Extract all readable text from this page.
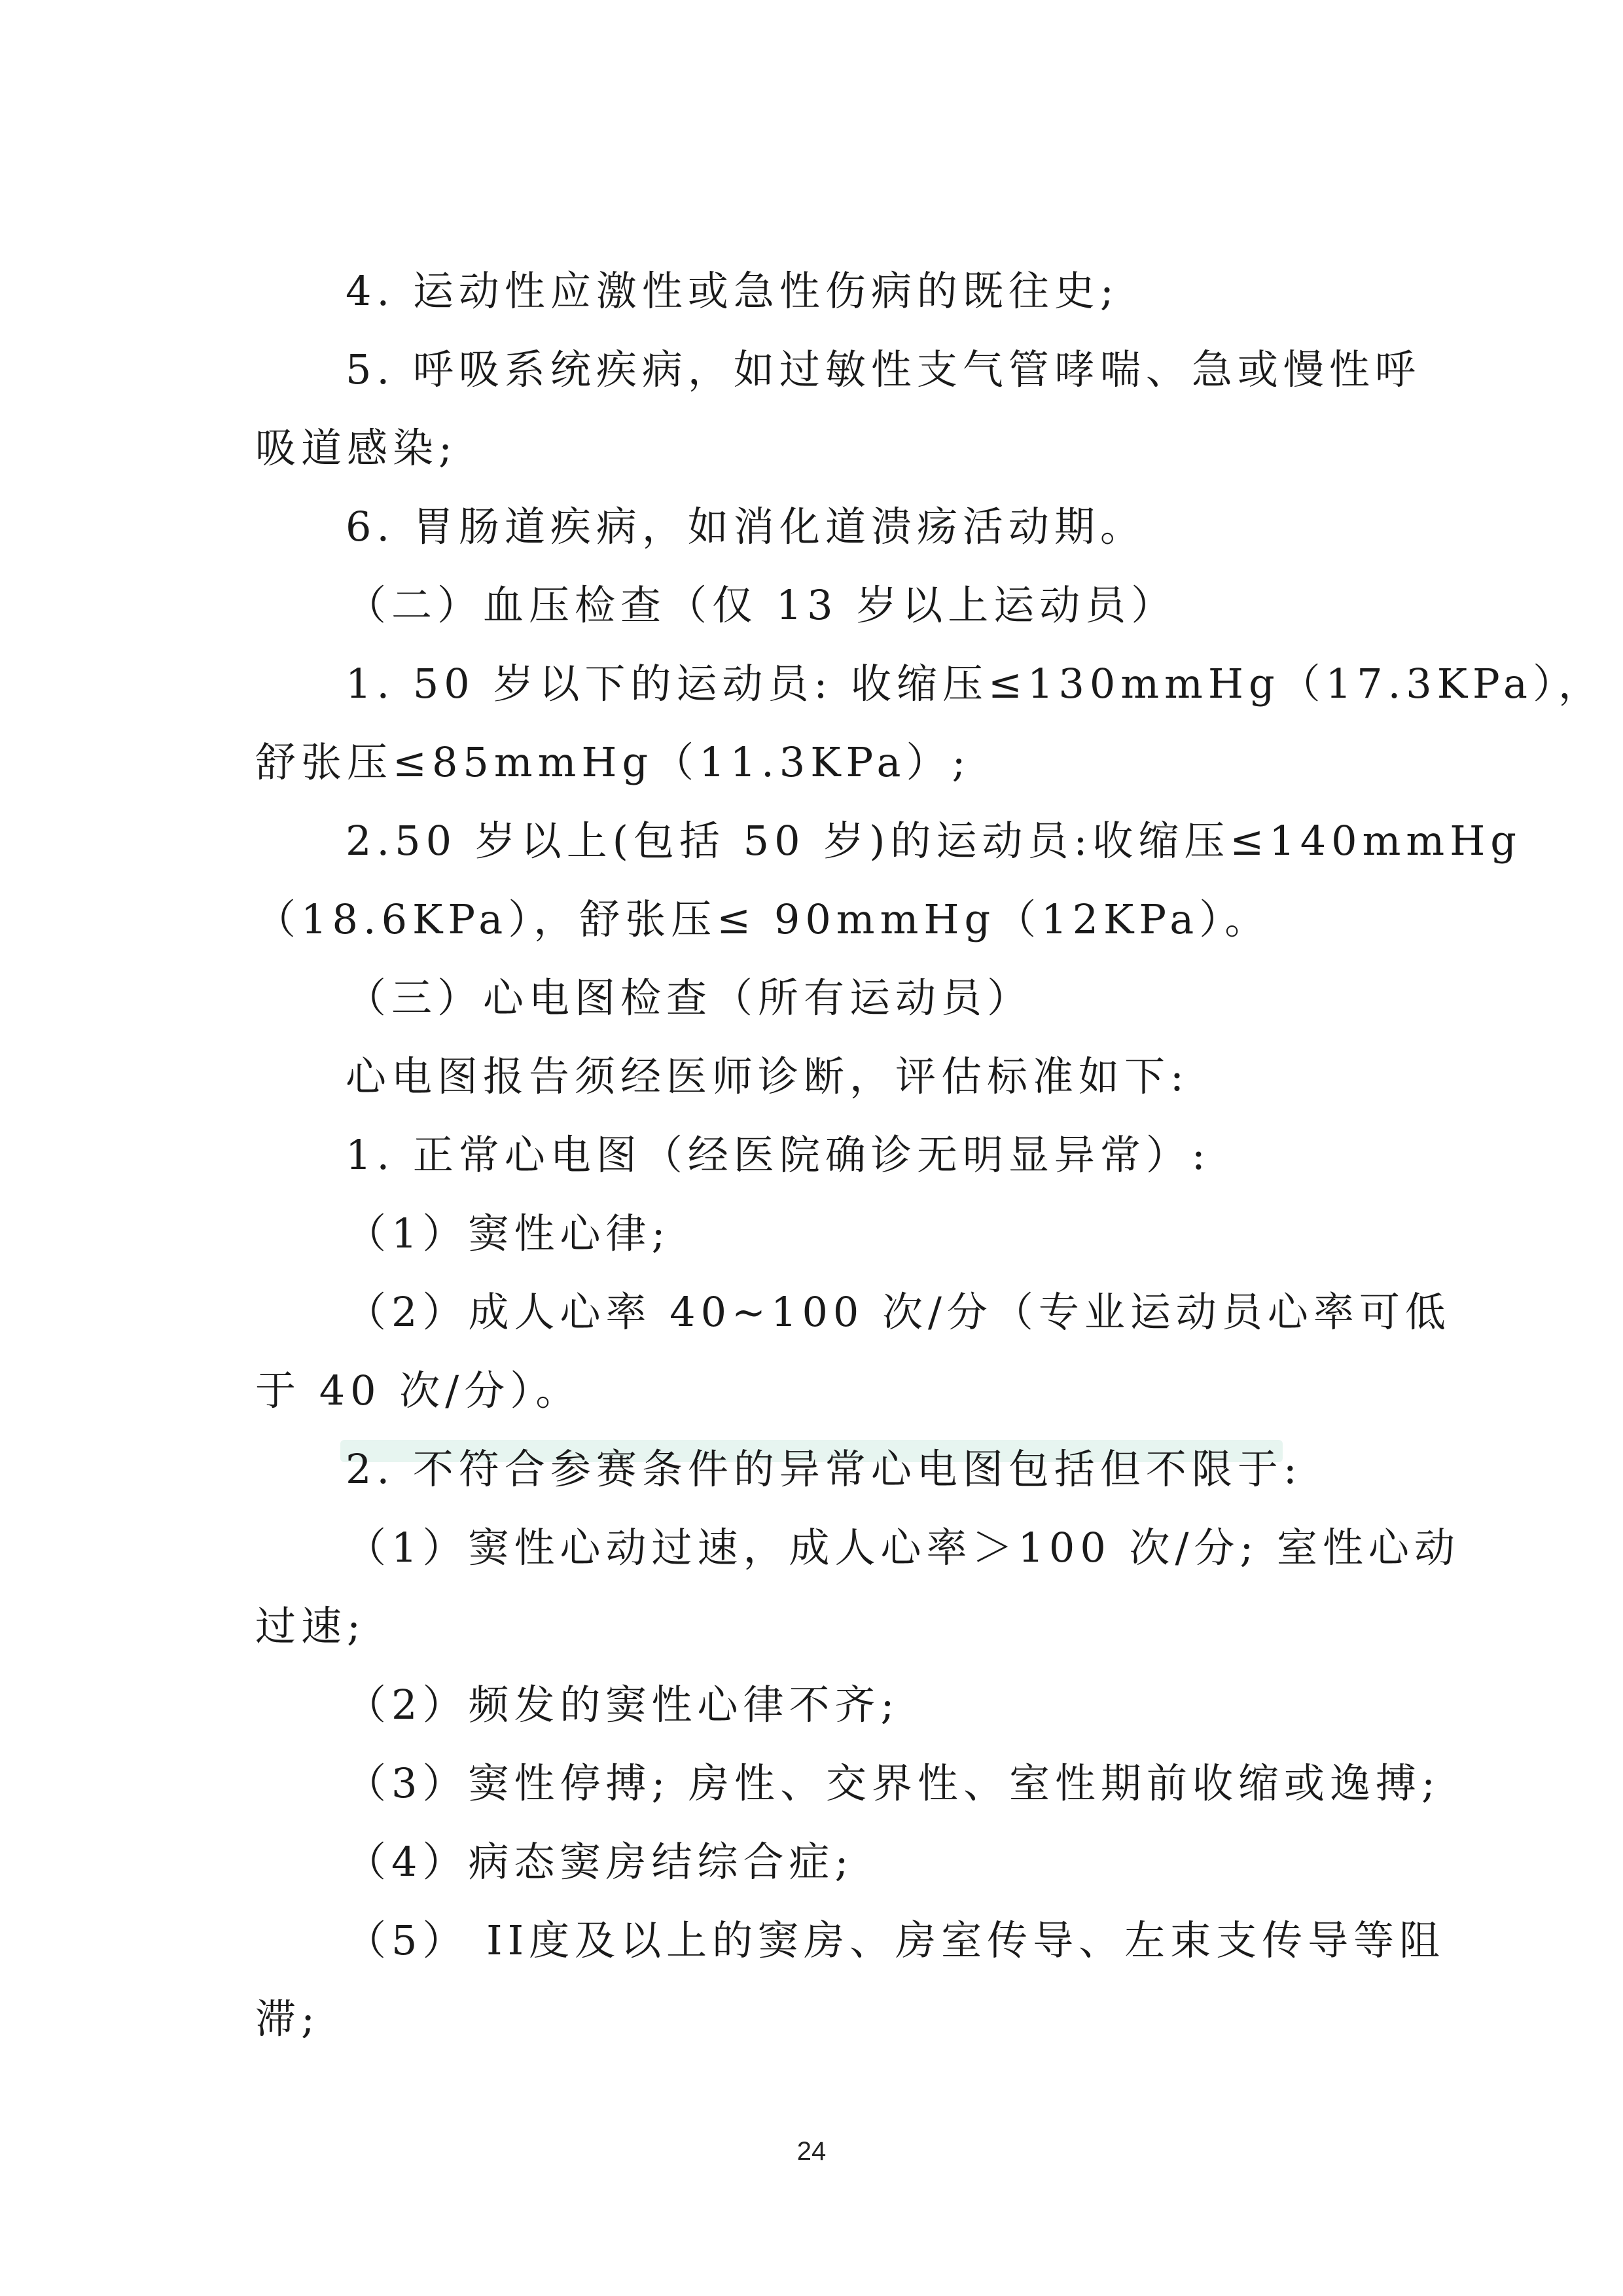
4. 运动性应激性或急性伤病的既往史;
5. 呼吸系统疾病，如过敏性支气管哮喘、急或慢性呼
吸道感染;
6. 胃肠道疾病，如消化道溃疡活动期。
（二）血压检查（仅 13 岁以上运动员）
1. 50 岁以下的运动员: 收缩压≤130mmHg（17.3KPa），
舒张压≤85mmHg（11.3KPa）;
2.50 岁以上(包括 50 岁)的运动员:收缩压≤140mmHg
（18.6KPa），舒张压≤ 90mmHg（12KPa）。
（三）心电图检查（所有运动员）
心电图报告须经医师诊断，评估标准如下:
1. 正常心电图（经医院确诊无明显异常）:
（1）窦性心律;
（2）成人心率 40~100 次/分（专业运动员心率可低
于 40 次/分）。
2. 不符合参赛条件的异常心电图包括但不限于:
（1）窦性心动过速，成人心率＞100 次/分; 室性心动
过速;
（2）频发的窦性心律不齐;
（3）窦性停搏; 房性、交界性、室性期前收缩或逸搏;
（4）病态窦房结综合症;
（5） II度及以上的窦房、房室传导、左束支传导等阻
滞;
24
